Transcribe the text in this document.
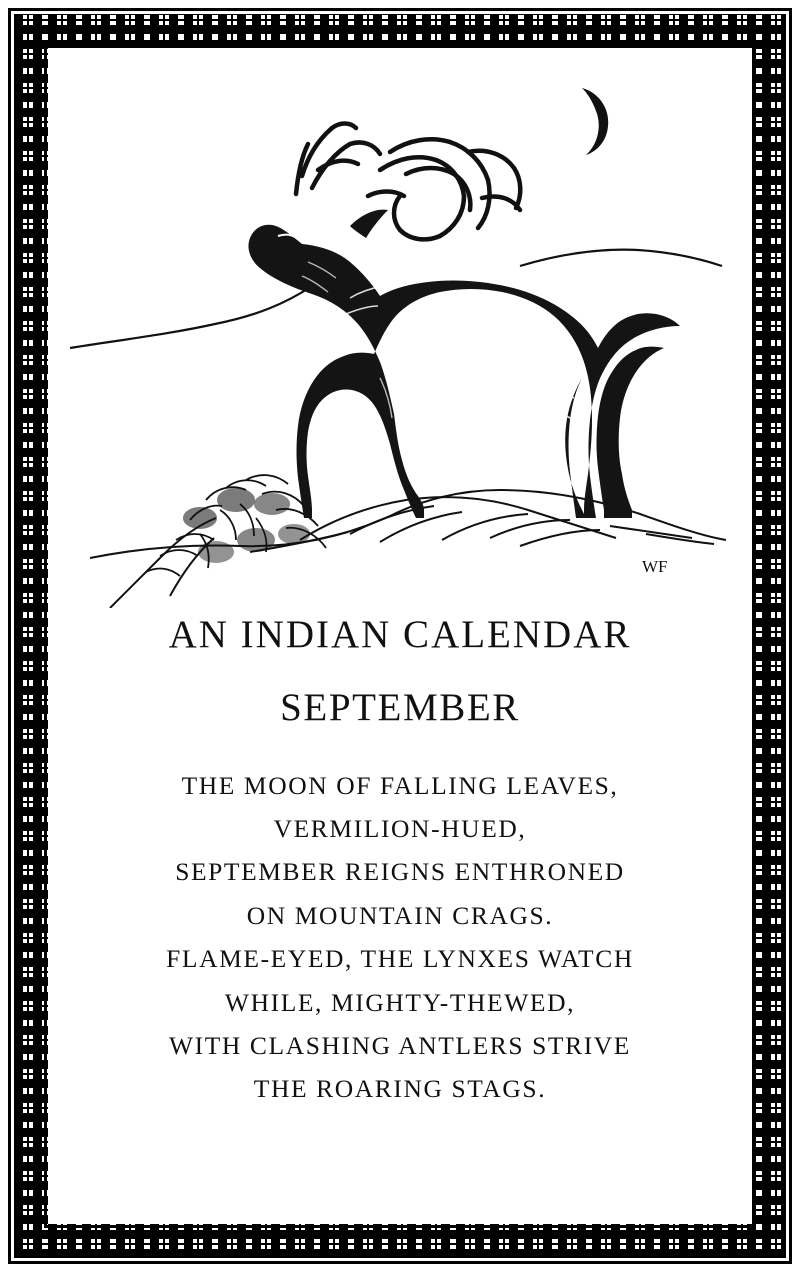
WF
AN INDIAN CALENDAR
SEPTEMBER
THE MOON OF FALLING LEAVES,
VERMILION-HUED,
SEPTEMBER REIGNS ENTHRONED
ON MOUNTAIN CRAGS.
FLAME-EYED, THE LYNXES WATCH
WHILE, MIGHTY-THEWED,
WITH CLASHING ANTLERS STRIVE
THE ROARING STAGS.
